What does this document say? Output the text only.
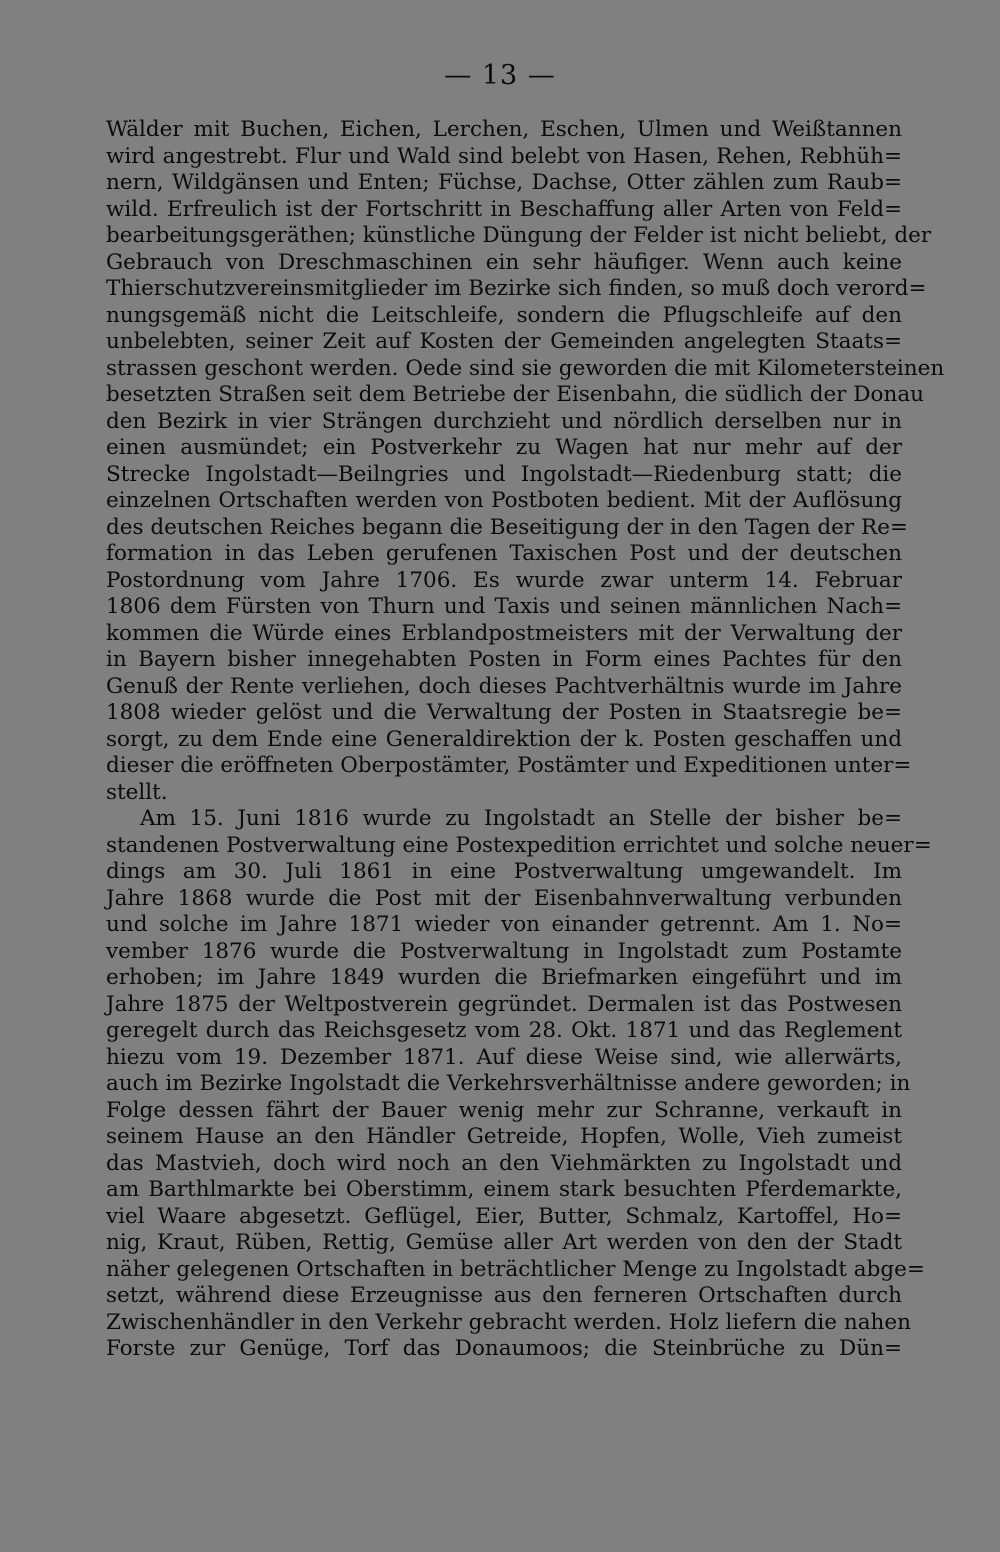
— 13 —
Wälder mit Buchen, Eichen, Lerchen, Eschen, Ulmen und Weißtannen
wird angestrebt. Flur und Wald sind belebt von Hasen, Rehen, Rebhüh=
nern, Wildgänsen und Enten; Füchse, Dachse, Otter zählen zum Raub=
wild. Erfreulich ist der Fortschritt in Beschaffung aller Arten von Feld=
bearbeitungsgeräthen; künstliche Düngung der Felder ist nicht beliebt, der
Gebrauch von Dreschmaschinen ein sehr häufiger. Wenn auch keine
Thierschutzvereinsmitglieder im Bezirke sich finden, so muß doch verord=
nungsgemäß nicht die Leitschleife, sondern die Pflugschleife auf den
unbelebten, seiner Zeit auf Kosten der Gemeinden angelegten Staats=
strassen geschont werden. Oede sind sie geworden die mit Kilometersteinen
besetzten Straßen seit dem Betriebe der Eisenbahn, die südlich der Donau
den Bezirk in vier Strängen durchzieht und nördlich derselben nur in
einen ausmündet; ein Postverkehr zu Wagen hat nur mehr auf der
Strecke Ingolstadt—Beilngries und Ingolstadt—Riedenburg statt; die
einzelnen Ortschaften werden von Postboten bedient. Mit der Auflösung
des deutschen Reiches begann die Beseitigung der in den Tagen der Re=
formation in das Leben gerufenen Taxischen Post und der deutschen
Postordnung vom Jahre 1706. Es wurde zwar unterm 14. Februar
1806 dem Fürsten von Thurn und Taxis und seinen männlichen Nach=
kommen die Würde eines Erblandpostmeisters mit der Verwaltung der
in Bayern bisher innegehabten Posten in Form eines Pachtes für den
Genuß der Rente verliehen, doch dieses Pachtverhältnis wurde im Jahre
1808 wieder gelöst und die Verwaltung der Posten in Staatsregie be=
sorgt, zu dem Ende eine Generaldirektion der k. Posten geschaffen und
dieser die eröffneten Oberpostämter, Postämter und Expeditionen unter=
stellt.
Am 15. Juni 1816 wurde zu Ingolstadt an Stelle der bisher be=
standenen Postverwaltung eine Postexpedition errichtet und solche neuer=
dings am 30. Juli 1861 in eine Postverwaltung umgewandelt. Im
Jahre 1868 wurde die Post mit der Eisenbahnverwaltung verbunden
und solche im Jahre 1871 wieder von einander getrennt. Am 1. No=
vember 1876 wurde die Postverwaltung in Ingolstadt zum Postamte
erhoben; im Jahre 1849 wurden die Briefmarken eingeführt und im
Jahre 1875 der Weltpostverein gegründet. Dermalen ist das Postwesen
geregelt durch das Reichsgesetz vom 28. Okt. 1871 und das Reglement
hiezu vom 19. Dezember 1871. Auf diese Weise sind, wie allerwärts,
auch im Bezirke Ingolstadt die Verkehrsverhältnisse andere geworden; in
Folge dessen fährt der Bauer wenig mehr zur Schranne, verkauft in
seinem Hause an den Händler Getreide, Hopfen, Wolle, Vieh zumeist
das Mastvieh, doch wird noch an den Viehmärkten zu Ingolstadt und
am Barthlmarkte bei Oberstimm, einem stark besuchten Pferdemarkte,
viel Waare abgesetzt. Geflügel, Eier, Butter, Schmalz, Kartoffel, Ho=
nig, Kraut, Rüben, Rettig, Gemüse aller Art werden von den der Stadt
näher gelegenen Ortschaften in beträchtlicher Menge zu Ingolstadt abge=
setzt, während diese Erzeugnisse aus den ferneren Ortschaften durch
Zwischenhändler in den Verkehr gebracht werden. Holz liefern die nahen
Forste zur Genüge, Torf das Donaumoos; die Steinbrüche zu Dün=
